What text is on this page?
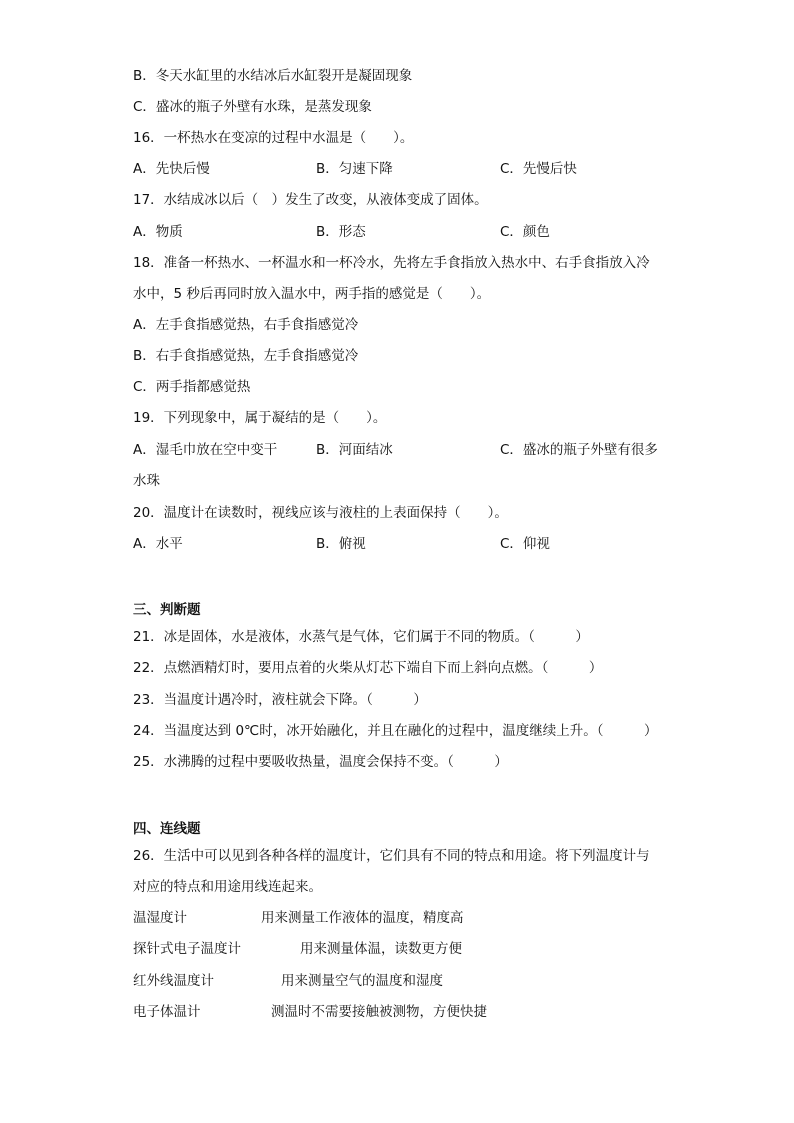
B．冬天水缸里的水结冰后水缸裂开是凝固现象
C．盛冰的瓶子外壁有水珠，是蒸发现象
16．一杯热水在变凉的过程中水温是（　　）。
A．先快后慢	B．匀速下降	C．先慢后快
17．水结成冰以后（　）发生了改变，从液体变成了固体。
A．物质	B．形态	C．颜色
18．准备一杯热水、一杯温水和一杯冷水，先将左手食指放入热水中、右手食指放入冷
水中，5 秒后再同时放入温水中，两手指的感觉是（　　）。
A．左手食指感觉热，右手食指感觉冷
B．右手食指感觉热，左手食指感觉冷
C．两手指都感觉热
19．下列现象中，属于凝结的是（　　）。
A．湿毛巾放在空中变干	B．河面结冰	C．盛冰的瓶子外壁有很多
水珠
20．温度计在读数时，视线应该与液柱的上表面保持（　　）。
A．水平	B．俯视	C．仰视
三、判断题
21．冰是固体，水是液体，水蒸气是气体，它们属于不同的物质。（　　　）
22．点燃酒精灯时，要用点着的火柴从灯芯下端自下而上斜向点燃。（　　　）
23．当温度计遇冷时，液柱就会下降。（　　　）
24．当温度达到 0℃时，冰开始融化，并且在融化的过程中，温度继续上升。（　　　）
25．水沸腾的过程中要吸收热量，温度会保持不变。（　　　）
四、连线题
26．生活中可以见到各种各样的温度计，它们具有不同的特点和用途。将下列温度计与
对应的特点和用途用线连起来。
温湿度计	用来测量工作液体的温度，精度高
探针式电子温度计	用来测量体温，读数更方便
红外线温度计	用来测量空气的温度和湿度
电子体温计	测温时不需要接触被测物，方便快捷
